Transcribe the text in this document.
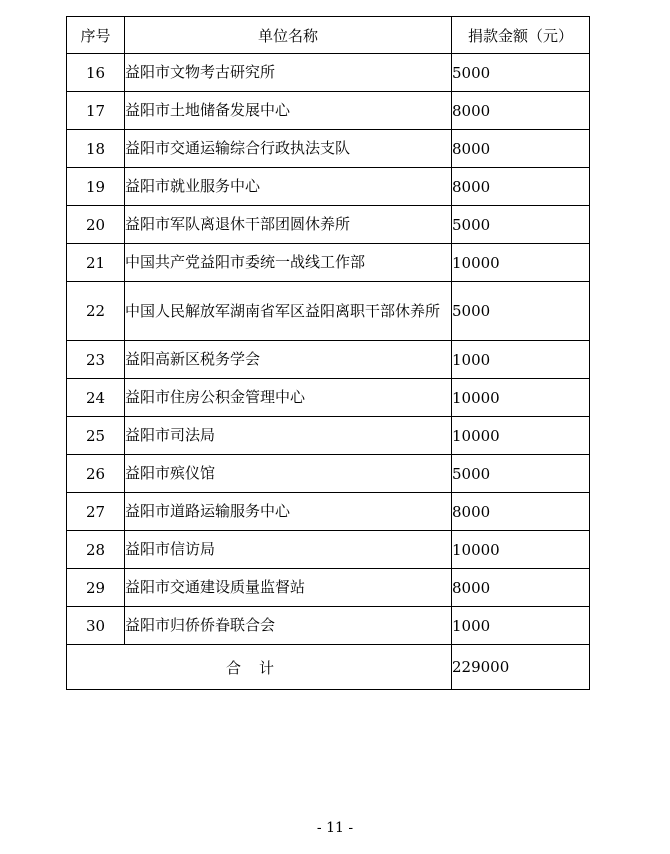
序号	单位名称	捐款金额（元）
16	益阳市文物考古研究所	5000
17	益阳市土地储备发展中心	8000
18	益阳市交通运输综合行政执法支队	8000
19	益阳市就业服务中心	8000
20	益阳市军队离退休干部团圆休养所	5000
21	中国共产党益阳市委统一战线工作部	10000
22	中国人民解放军湖南省军区益阳离职干部休养所	5000
23	益阳高新区税务学会	1000
24	益阳市住房公积金管理中心	10000
25	益阳市司法局	10000
26	益阳市殡仪馆	5000
27	益阳市道路运输服务中心	8000
28	益阳市信访局	10000
29	益阳市交通建设质量监督站	8000
30	益阳市归侨侨眷联合会	1000
合计		229000
- 11 -
